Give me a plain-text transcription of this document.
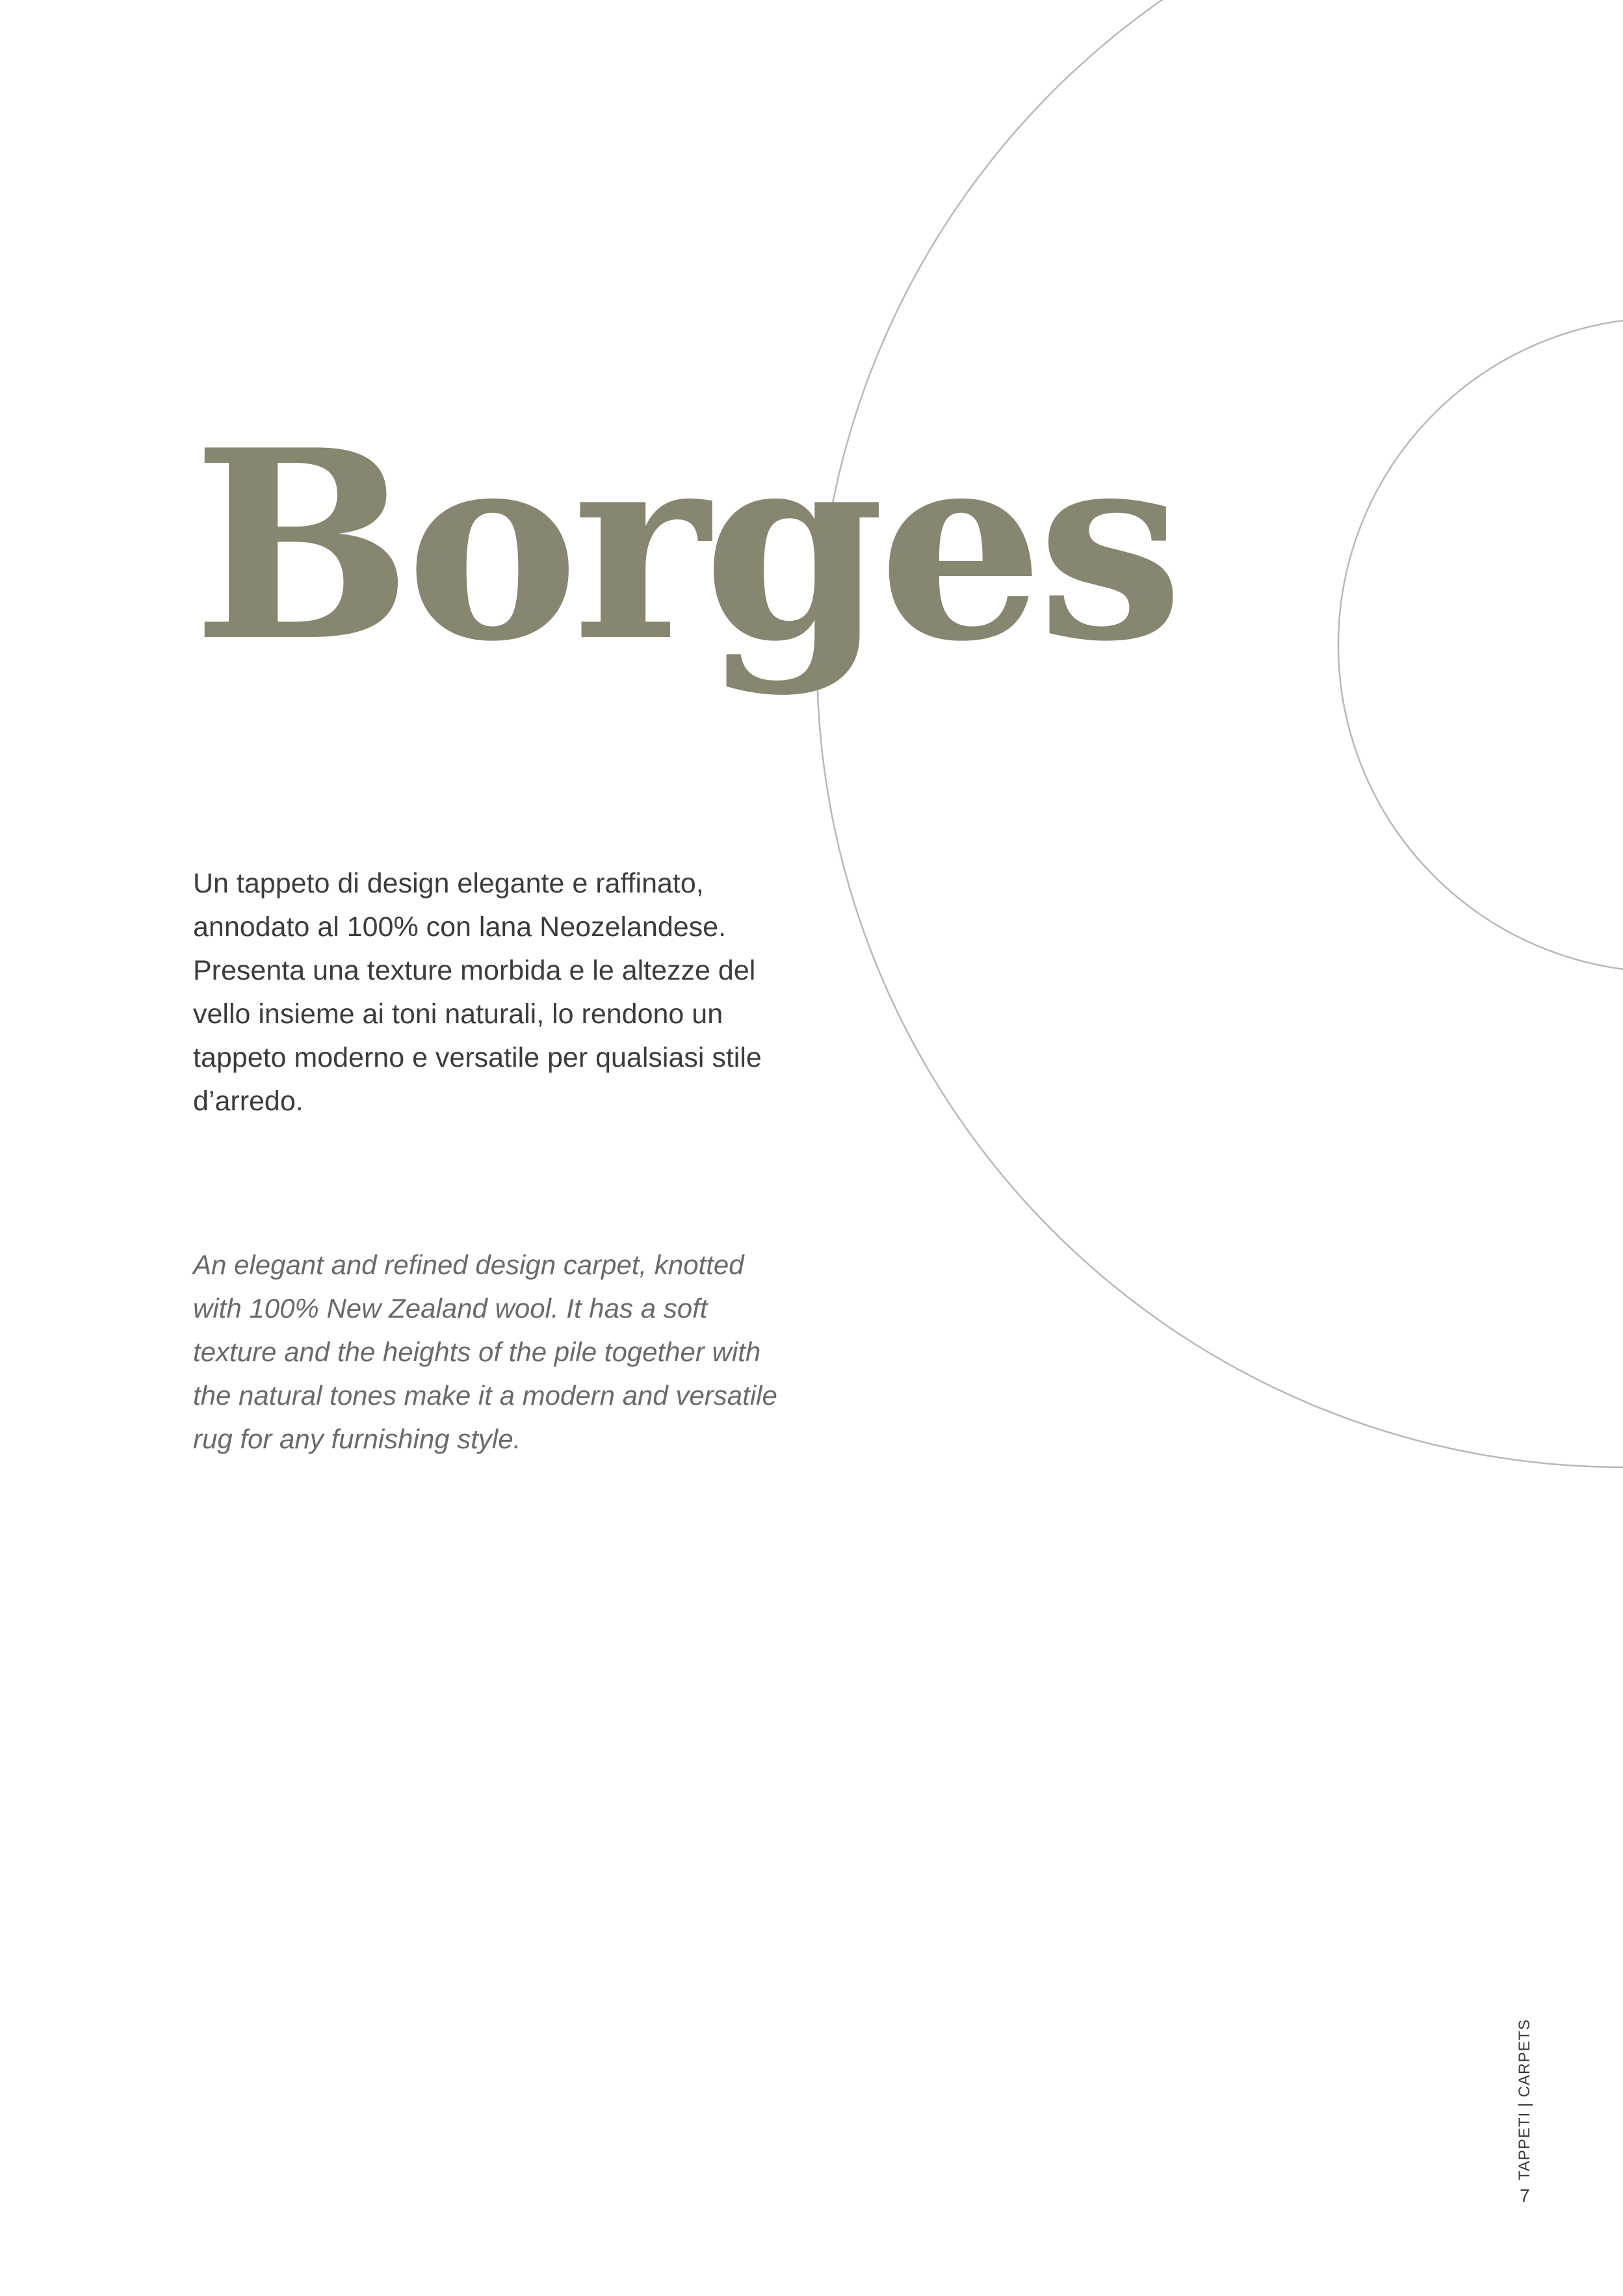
Borges

Un tappeto di design elegante e raffinato, annodato al 100% con lana Neozelandese. Presenta una texture morbida e le altezze del vello insieme ai toni naturali, lo rendono un tappeto moderno e versatile per qualsiasi stile d’arredo.

An elegant and refined design carpet, knotted with 100% New Zealand wool. It has a soft texture and the heights of the pile together with the natural tones make it a modern and versatile rug for any furnishing style.

TAPPETI | CARPETS
7
